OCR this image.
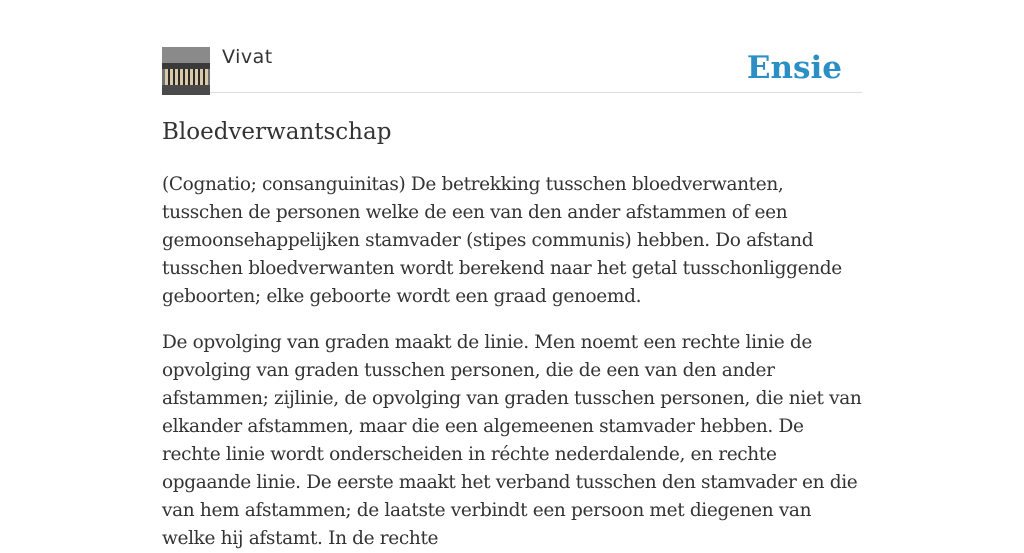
Vivat	Ensie
Bloedverwantschap

(Cognatio; consanguinitas) De betrekking tusschen bloedverwanten, tusschen de personen welke de een van den ander afstammen of een gemoonsehappelijken stamvader (stipes communis) hebben. Do afstand tusschen bloedverwanten wordt berekend naar het getal tusschonliggende geboorten; elke geboorte wordt een graad genoemd.

De opvolging van graden maakt de linie. Men noemt een rechte linie de opvolging van graden tusschen personen, die de een van den ander afstammen; zijlinie, de opvolging van graden tusschen personen, die niet van elkander afstammen, maar die een algemeenen stamvader hebben. De rechte linie wordt onderscheiden in réchte nederdalende, en rechte opgaande linie. De eerste maakt het verband tusschen den stamvader en die van hem afstammen; de laatste verbindt een persoon met diegenen van welke hij afstamt. In de rechte
